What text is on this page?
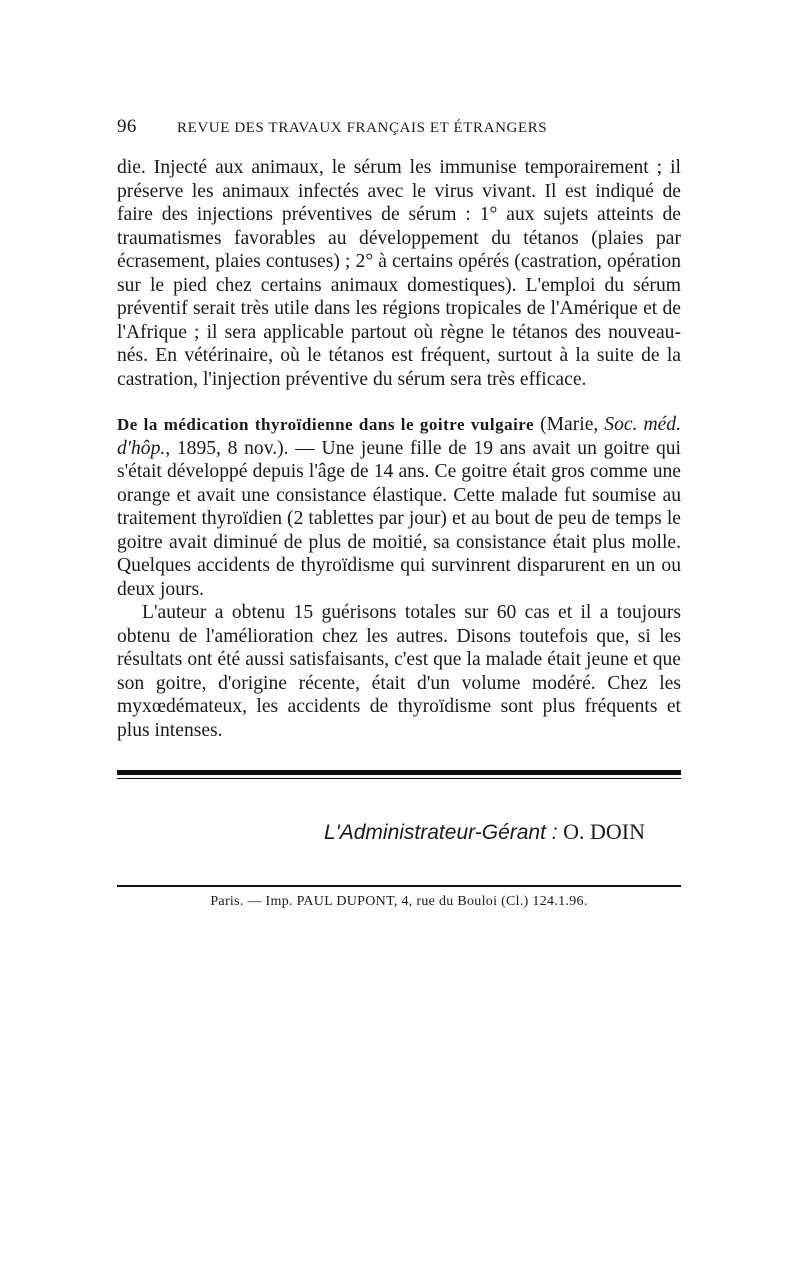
96	REVUE DES TRAVAUX FRANÇAIS ET ÉTRANGERS

die. Injecté aux animaux, le sérum les immunise temporairement ; il préserve les animaux infectés avec le virus vivant. Il est indiqué de faire des injections préventives de sérum : 1° aux sujets atteints de traumatismes favorables au développement du tétanos (plaies par écrasement, plaies contuses) ; 2° à certains opérés (castration, opération sur le pied chez certains animaux domestiques). L'emploi du sérum préventif serait très utile dans les régions tropicales de l'Amérique et de l'Afrique ; il sera applicable partout où règne le tétanos des nouveau-nés. En vétérinaire, où le tétanos est fréquent, surtout à la suite de la castration, l'injection préventive du sérum sera très efficace.

De la médication thyroïdienne dans le goitre vulgaire (Marie, Soc. méd. d'hôp., 1895, 8 nov.). — Une jeune fille de 19 ans avait un goitre qui s'était développé depuis l'âge de 14 ans. Ce goitre était gros comme une orange et avait une consistance élastique. Cette malade fut soumise au traitement thyroïdien (2 tablettes par jour) et au bout de peu de temps le goitre avait diminué de plus de moitié, sa consistance était plus molle. Quelques accidents de thyroïdisme qui survinrent disparurent en un ou deux jours.

L'auteur a obtenu 15 guérisons totales sur 60 cas et il a toujours obtenu de l'amélioration chez les autres. Disons toutefois que, si les résultats ont été aussi satisfaisants, c'est que la malade était jeune et que son goitre, d'origine récente, était d'un volume modéré. Chez les myxœdémateux, les accidents de thyroïdisme sont plus fréquents et plus intenses.

L'Administrateur-Gérant : O. DOIN
Paris. — Imp. PAUL DUPONT, 4, rue du Bouloi (Cl.) 124.1.96.
